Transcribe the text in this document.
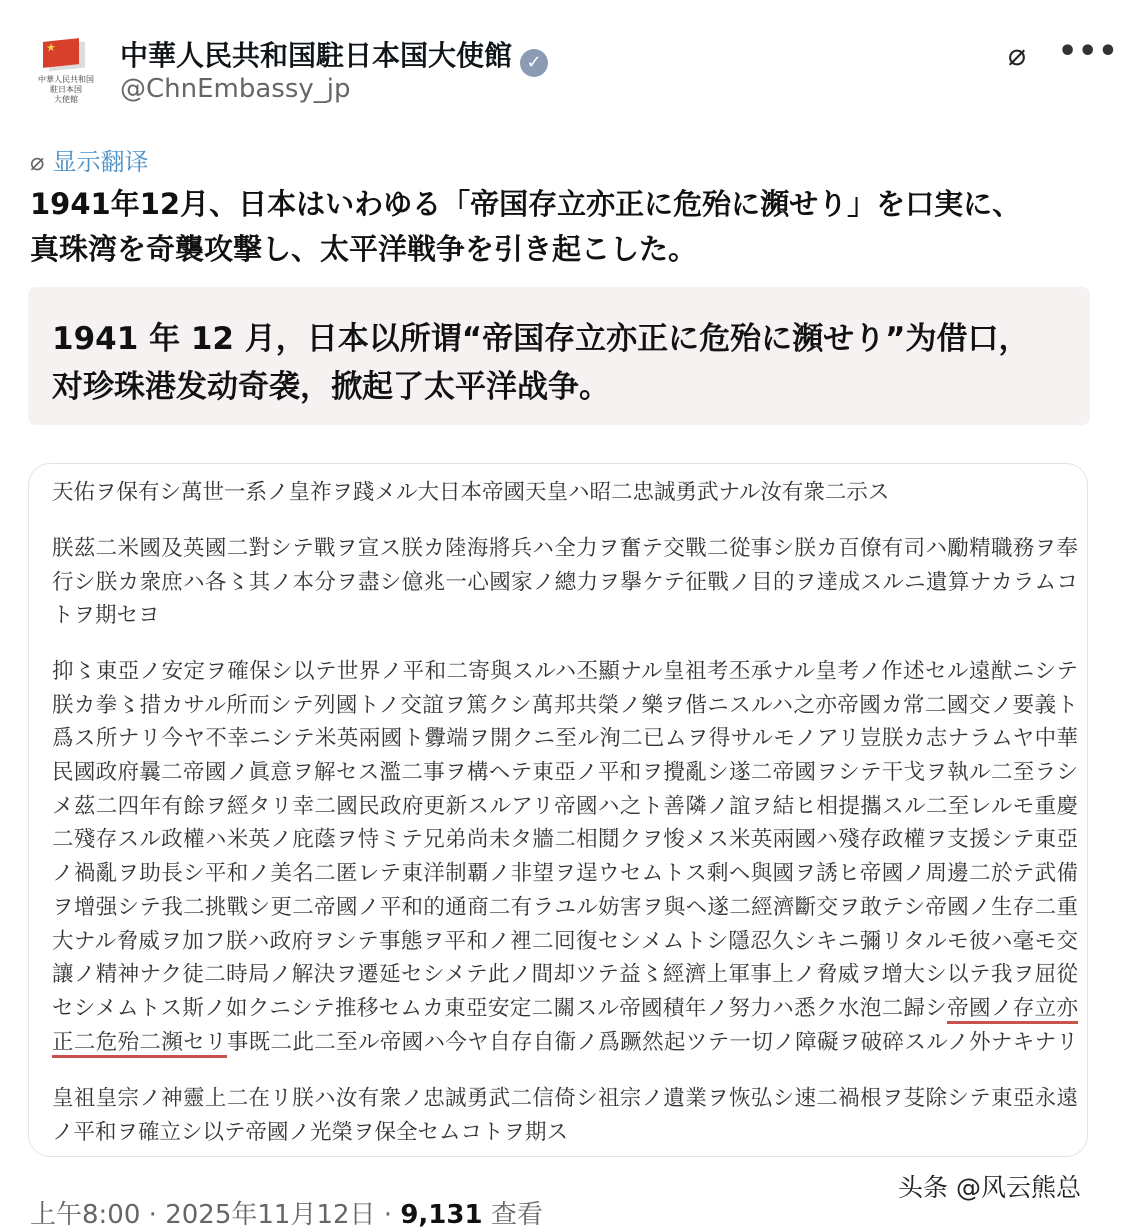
★
中華人民共和国
駐日本国
大使館
中華人民共和国駐日本国大使館 ✓
@ChnEmbassy_jp
⌀ •••
⌀ 显示翻译
1941年12月、日本はいわゆる「帝国存立亦正に危殆に瀕せり」を口実に、
真珠湾を奇襲攻撃し、太平洋戦争を引き起こした。
1941 年 12 月，日本以所谓“帝国存立亦正に危殆に瀕せり”为借口，
对珍珠港发动奇袭，掀起了太平洋战争。
天佑ヲ保有シ萬世一系ノ皇祚ヲ踐メル大日本帝國天皇ハ昭二忠誠勇武ナル汝有衆二示ス
朕茲二米國及英國二對シテ戰ヲ宣ス朕カ陸海將兵ハ全力ヲ奮テ交戰二從事シ朕カ百僚有司ハ勵精職務ヲ奉
行シ朕カ衆庶ハ各〻其ノ本分ヲ盡シ億兆一心國家ノ總力ヲ擧ケテ征戰ノ目的ヲ達成スルニ遺算ナカラムコ
トヲ期セヨ
抑〻東亞ノ安定ヲ確保シ以テ世界ノ平和二寄與スルハ丕顯ナル皇祖考丕承ナル皇考ノ作述セル遠猷ニシテ
朕カ拳〻措カサル所而シテ列國トノ交誼ヲ篤クシ萬邦共榮ノ樂ヲ偕ニスルハ之亦帝國カ常二國交ノ要義ト
爲ス所ナリ今ヤ不幸ニシテ米英兩國ト釁端ヲ開クニ至ル洵二已ムヲ得サルモノアリ豈朕カ志ナラムヤ中華
民國政府曩二帝國ノ眞意ヲ解セス濫二事ヲ構ヘテ東亞ノ平和ヲ攪亂シ遂二帝國ヲシテ干戈ヲ執ル二至ラシ
メ茲二四年有餘ヲ經タリ幸二國民政府更新スルアリ帝國ハ之ト善隣ノ誼ヲ結ヒ相提攜スル二至レルモ重慶
二殘存スル政權ハ米英ノ庇蔭ヲ恃ミテ兄弟尚未タ牆二相鬩クヲ悛メス米英兩國ハ殘存政權ヲ支援シテ東亞
ノ禍亂ヲ助長シ平和ノ美名二匿レテ東洋制覇ノ非望ヲ逞ウセムトス剩ヘ與國ヲ誘ヒ帝國ノ周邊二於テ武備
ヲ增强シテ我二挑戰シ更二帝國ノ平和的通商二有ラユル妨害ヲ與ヘ遂二經濟斷交ヲ敢テシ帝國ノ生存二重
大ナル脅威ヲ加フ朕ハ政府ヲシテ事態ヲ平和ノ裡二囘復セシメムトシ隱忍久シキニ彌リタルモ彼ハ毫モ交
讓ノ精神ナク徒二時局ノ解決ヲ遷延セシメテ此ノ間却ツテ益〻經濟上軍事上ノ脅威ヲ增大シ以テ我ヲ屈從
セシメムトス斯ノ如クニシテ推移セムカ東亞安定二關スル帝國積年ノ努力ハ悉ク水泡二歸シ帝國ノ存立亦
正二危殆二瀕セリ事既二此二至ル帝國ハ今ヤ自存自衞ノ爲蹶然起ツテ一切ノ障礙ヲ破碎スルノ外ナキナリ
皇祖皇宗ノ神靈上二在リ朕ハ汝有衆ノ忠誠勇武二信倚シ祖宗ノ遺業ヲ恢弘シ速二禍根ヲ芟除シテ東亞永遠
ノ平和ヲ確立シ以テ帝國ノ光榮ヲ保全セムコトヲ期ス
头条 @风云熊总
上午8:00 · 2025年11月12日 · 9,131 查看
